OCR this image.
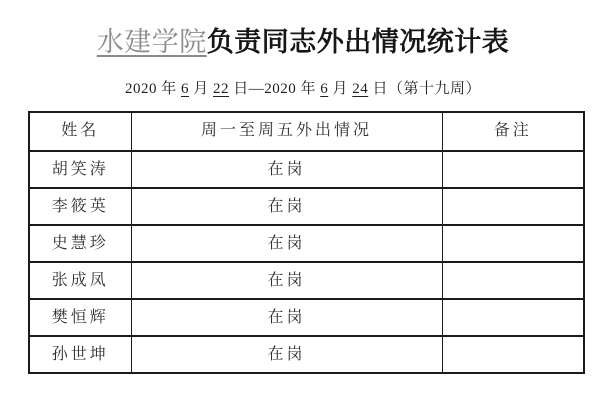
水建学院负责同志外出情况统计表
2020 年 6 月 22 日—2020 年 6 月 24 日（第十九周）
姓名	周一至周五外出情况	备注
胡笑涛	在岗	
李筱英	在岗	
史慧珍	在岗	
张成凤	在岗	
樊恒辉	在岗	
孙世坤	在岗	
